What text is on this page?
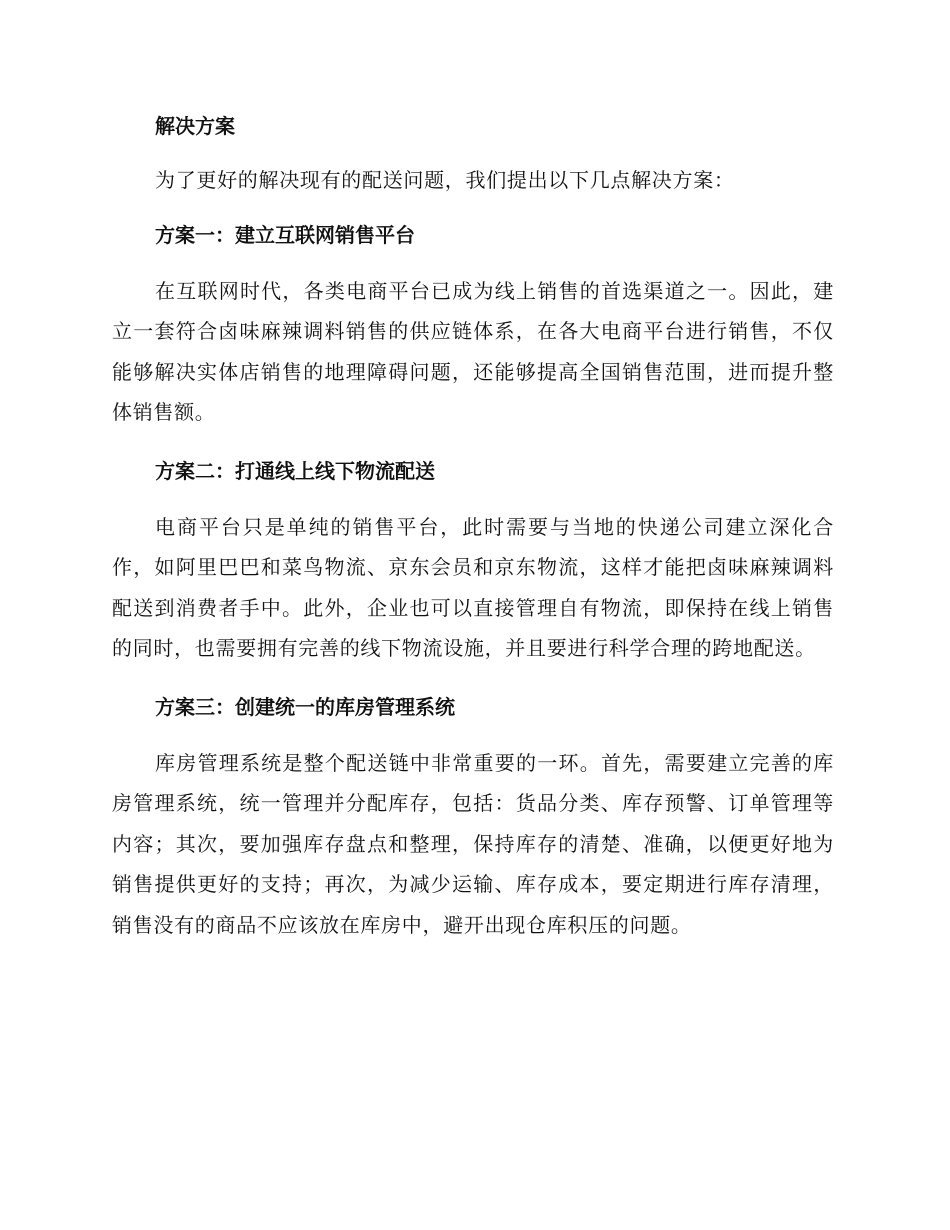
解决方案

为了更好的解决现有的配送问题，我们提出以下几点解决方案：

方案一：建立互联网销售平台

在互联网时代，各类电商平台已成为线上销售的首选渠道之一。因此，建立一套符合卤味麻辣调料销售的供应链体系，在各大电商平台进行销售，不仅能够解决实体店销售的地理障碍问题，还能够提高全国销售范围，进而提升整体销售额。

方案二：打通线上线下物流配送

电商平台只是单纯的销售平台，此时需要与当地的快递公司建立深化合作，如阿里巴巴和菜鸟物流、京东会员和京东物流，这样才能把卤味麻辣调料配送到消费者手中。此外，企业也可以直接管理自有物流，即保持在线上销售的同时，也需要拥有完善的线下物流设施，并且要进行科学合理的跨地配送。

方案三：创建统一的库房管理系统

库房管理系统是整个配送链中非常重要的一环。首先，需要建立完善的库房管理系统，统一管理并分配库存，包括：货品分类、库存预警、订单管理等内容；其次，要加强库存盘点和整理，保持库存的清楚、准确，以便更好地为销售提供更好的支持；再次，为减少运输、库存成本，要定期进行库存清理，销售没有的商品不应该放在库房中，避开出现仓库积压的问题。
